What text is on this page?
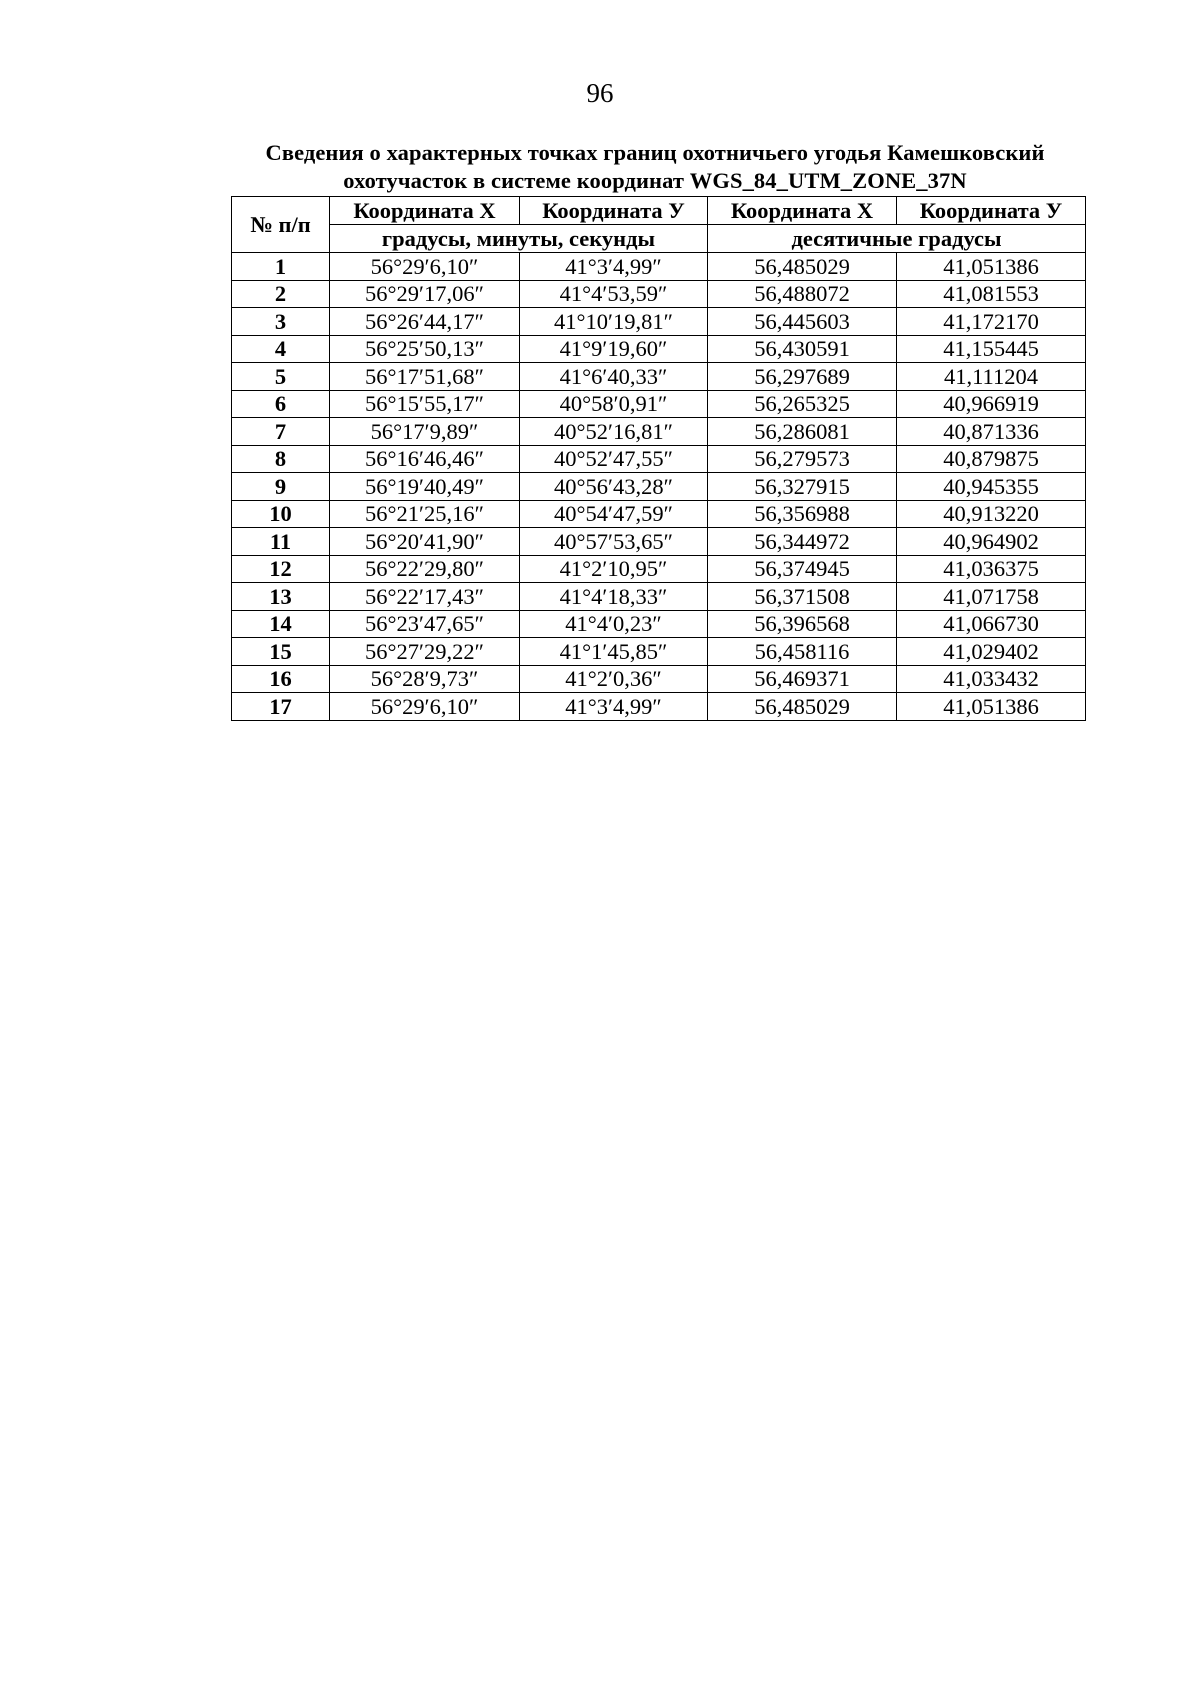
96
Сведения о характерных точках границ охотничьего угодья Камешковский
охотучасток в системе координат WGS_84_UTM_ZONE_37N
№ п/п	Координата X	Координата У	Координата X	Координата У
	градусы, минуты, секунды		десятичные градусы	
1	56°29′6,10″	41°3′4,99″	56,485029	41,051386
2	56°29′17,06″	41°4′53,59″	56,488072	41,081553
3	56°26′44,17″	41°10′19,81″	56,445603	41,172170
4	56°25′50,13″	41°9′19,60″	56,430591	41,155445
5	56°17′51,68″	41°6′40,33″	56,297689	41,111204
6	56°15′55,17″	40°58′0,91″	56,265325	40,966919
7	56°17′9,89″	40°52′16,81″	56,286081	40,871336
8	56°16′46,46″	40°52′47,55″	56,279573	40,879875
9	56°19′40,49″	40°56′43,28″	56,327915	40,945355
10	56°21′25,16″	40°54′47,59″	56,356988	40,913220
11	56°20′41,90″	40°57′53,65″	56,344972	40,964902
12	56°22′29,80″	41°2′10,95″	56,374945	41,036375
13	56°22′17,43″	41°4′18,33″	56,371508	41,071758
14	56°23′47,65″	41°4′0,23″	56,396568	41,066730
15	56°27′29,22″	41°1′45,85″	56,458116	41,029402
16	56°28′9,73″	41°2′0,36″	56,469371	41,033432
17	56°29′6,10″	41°3′4,99″	56,485029	41,051386
